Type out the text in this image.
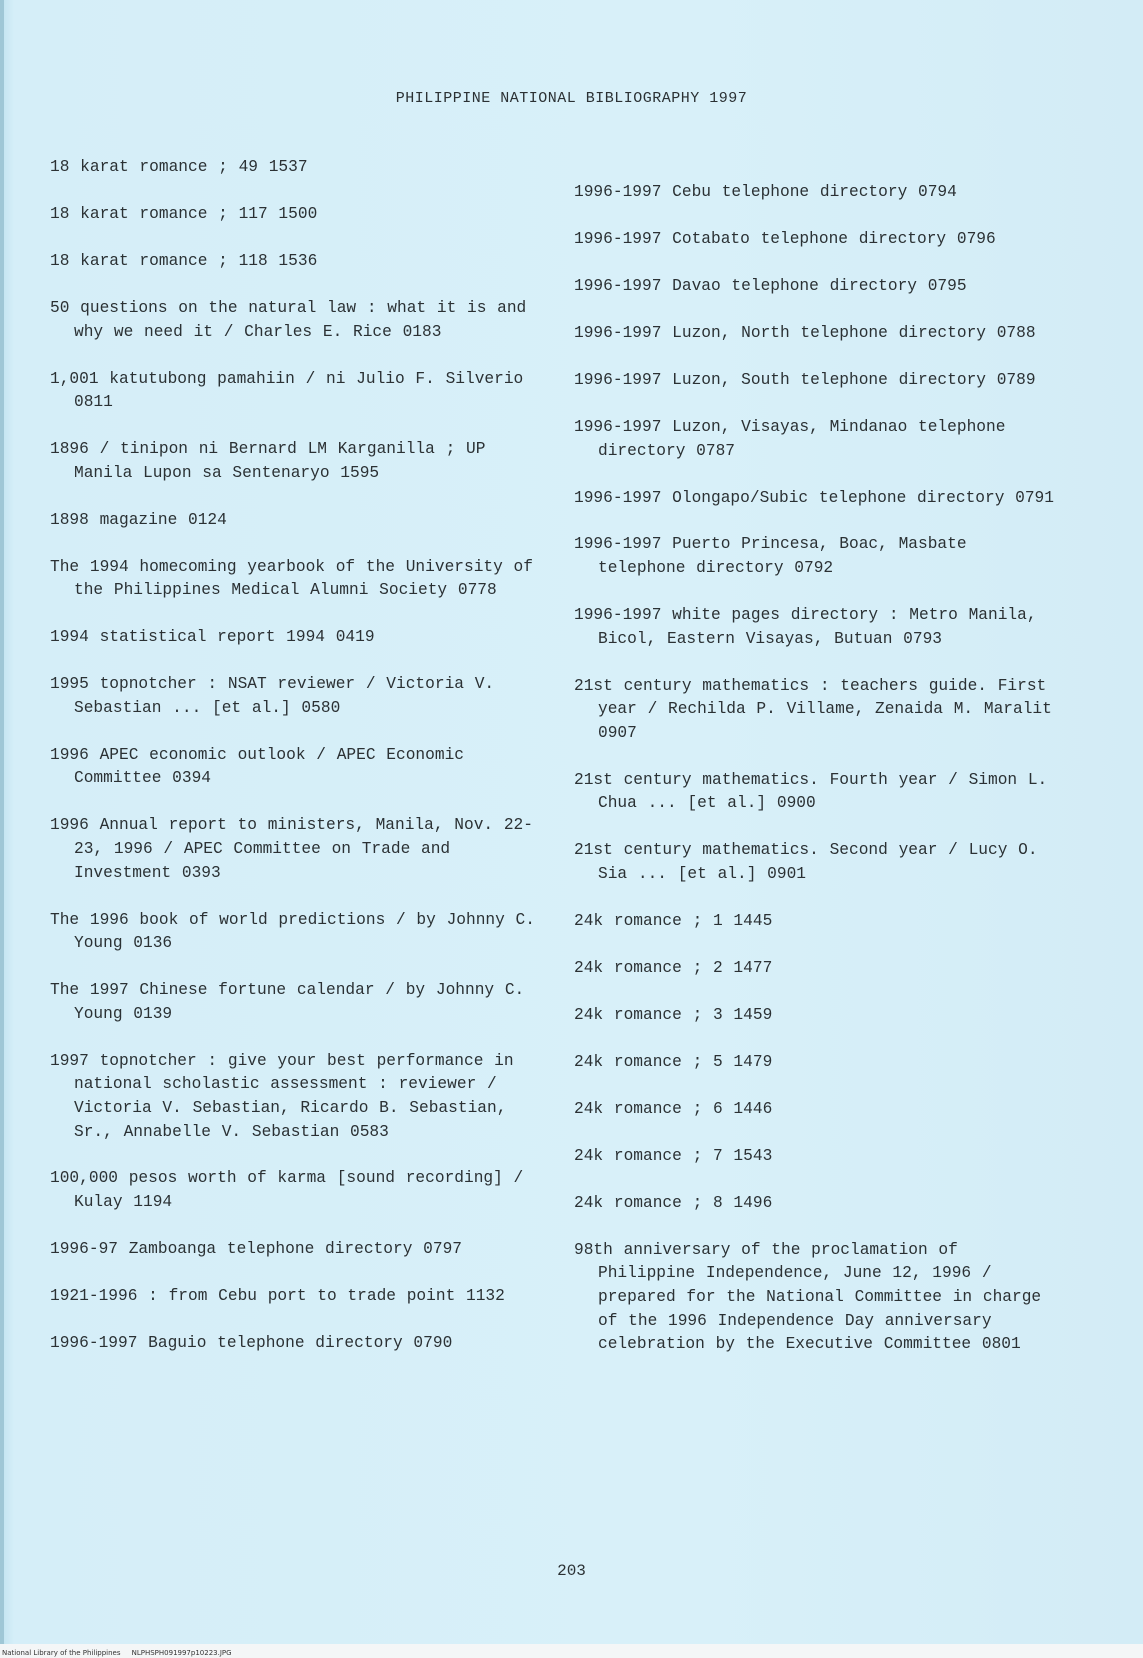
PHILIPPINE NATIONAL BIBLIOGRAPHY 1997
18 karat romance ; 49 1537
18 karat romance ; 117 1500
18 karat romance ; 118 1536
50 questions on the natural law : what it is and why we need it / Charles E. Rice 0183
1,001 katutubong pamahiin / ni Julio F. Silverio 0811
1896 / tinipon ni Bernard LM Karganilla ; UP Manila Lupon sa Sentenaryo 1595
1898 magazine 0124
The 1994 homecoming yearbook of the University of the Philippines Medical Alumni Society 0778
1994 statistical report 1994 0419
1995 topnotcher : NSAT reviewer / Victoria V. Sebastian ... [et al.] 0580
1996 APEC economic outlook / APEC Economic Committee 0394
1996 Annual report to ministers, Manila, Nov. 22-23, 1996 / APEC Committee on Trade and Investment 0393
The 1996 book of world predictions / by Johnny C. Young 0136
The 1997 Chinese fortune calendar / by Johnny C. Young 0139
1997 topnotcher : give your best performance in national scholastic assessment : reviewer / Victoria V. Sebastian, Ricardo B. Sebastian, Sr., Annabelle V. Sebastian 0583
100,000 pesos worth of karma [sound recording] / Kulay 1194
1996-97 Zamboanga telephone directory 0797
1921-1996 : from Cebu port to trade point 1132
1996-1997 Baguio telephone directory 0790
1996-1997 Cebu telephone directory 0794
1996-1997 Cotabato telephone directory 0796
1996-1997 Davao telephone directory 0795
1996-1997 Luzon, North telephone directory 0788
1996-1997 Luzon, South telephone directory 0789
1996-1997 Luzon, Visayas, Mindanao telephone directory 0787
1996-1997 Olongapo/Subic telephone directory 0791
1996-1997 Puerto Princesa, Boac, Masbate telephone directory 0792
1996-1997 white pages directory : Metro Manila, Bicol, Eastern Visayas, Butuan 0793
21st century mathematics : teachers guide. First year / Rechilda P. Villame, Zenaida M. Maralit 0907
21st century mathematics. Fourth year / Simon L. Chua ... [et al.] 0900
21st century mathematics. Second year / Lucy O. Sia ... [et al.] 0901
24k romance ; 1 1445
24k romance ; 2 1477
24k romance ; 3 1459
24k romance ; 5 1479
24k romance ; 6 1446
24k romance ; 7 1543
24k romance ; 8 1496
98th anniversary of the proclamation of Philippine Independence, June 12, 1996 / prepared for the National Committee in charge of the 1996 Independence Day anniversary celebration by the Executive Committee 0801
203
National Library of the Philippines     NLPHSPH091997p10223.JPG
